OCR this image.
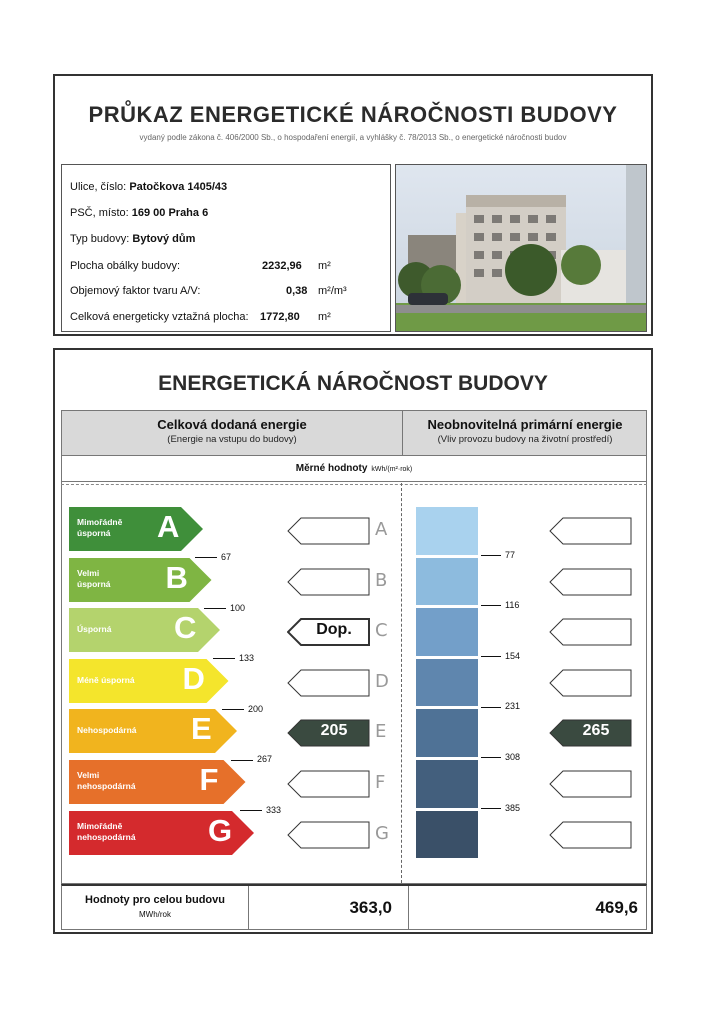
PRŮKAZ ENERGETICKÉ NÁROČNOSTI BUDOVY
vydaný podle zákona č. 406/2000 Sb., o hospodaření energií, a vyhlášky č. 78/2013 Sb., o energetické náročnosti budov
Ulice, číslo: Patočkova 1405/43
PSČ, místo: 169 00 Praha 6
Typ budovy: Bytový dům
Plocha obálky budovy:	2232,96 m²
Objemový faktor tvaru A/V:	0,38 m²/m³
Celková energeticky vztažná plocha: 1772,80 m²
ENERGETICKÁ NÁROČNOST BUDOVY
Celková dodaná energie
(Energie na vstupu do budovy)
Neobnovitelná primární energie
(Vliv provozu budovy na životní prostředí)
Měrné hodnoty kWh/(m²·rok)
Hodnoty pro celou budovu
MWh/rok	363,0	469,6
Mimořádně
úsporná	A
67
A
77
Velmi
úsporná	B
100
B
116
Úsporná	C
133
Dop.	C
154
Méně úsporná	D
200
D
231
Nehospodárná	E
267
205	E
308
265
Velmi
nehospodárná	F
333
F
385
Mimořádně
nehospodárná	G	G
